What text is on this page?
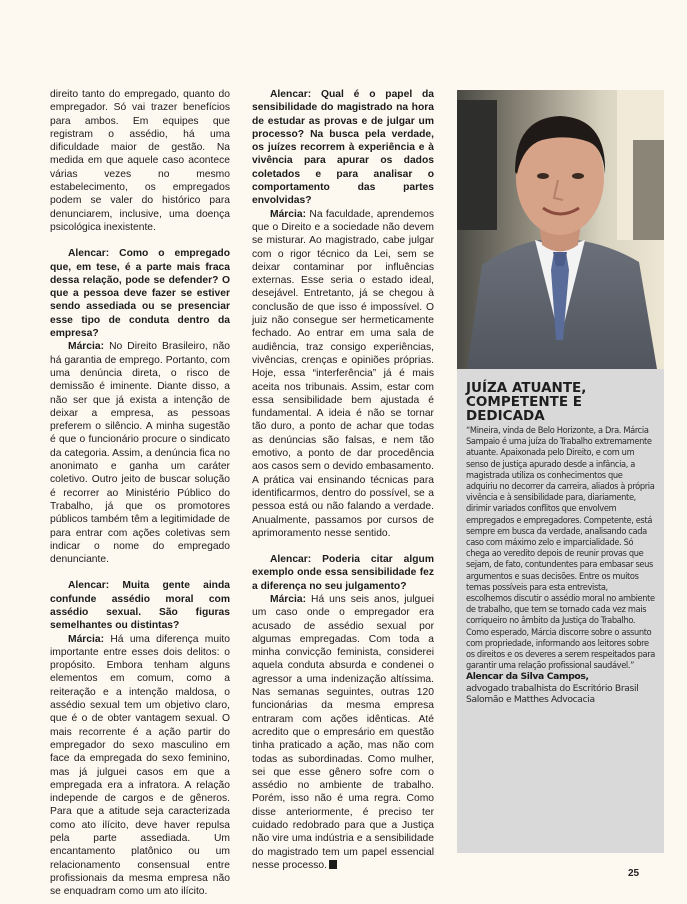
direito tanto do empregado, quanto do empregador. Só vai trazer benefícios para ambos. Em equipes que registram o assédio, há uma dificuldade maior de gestão. Na medida em que aquele caso acontece várias vezes no mesmo estabelecimento, os empregados podem se valer do histórico para denunciarem, inclusive, uma doença psicológica inexistente.

Alencar: Como o empregado que, em tese, é a parte mais fraca dessa relação, pode se defender? O que a pessoa deve fazer se estiver sendo assediada ou se presenciar esse tipo de conduta dentro da empresa?

Márcia: No Direito Brasileiro, não há garantia de emprego. Portanto, com uma denúncia direta, o risco de demissão é iminente. Diante disso, a não ser que já exista a intenção de deixar a empresa, as pessoas preferem o silêncio. A minha sugestão é que o funcionário procure o sindicato da categoria. Assim, a denúncia fica no anonimato e ganha um caráter coletivo. Outro jeito de buscar solução é recorrer ao Ministério Público do Trabalho, já que os promotores públicos também têm a legitimidade de para entrar com ações coletivas sem indicar o nome do empregado denunciante.

Alencar: Muita gente ainda confunde assédio moral com assédio sexual. São figuras semelhantes ou distintas?

Márcia: Há uma diferença muito importante entre esses dois delitos: o propósito. Embora tenham alguns elementos em comum, como a reiteração e a intenção maldosa, o assédio sexual tem um objetivo claro, que é o de obter vantagem sexual. O mais recorrente é a ação partir do empregador do sexo masculino em face da empregada do sexo feminino, mas já julguei casos em que a empregada era a infratora. A relação independe de cargos e de gêneros. Para que a atitude seja caracterizada como ato ilícito, deve haver repulsa pela parte assediada. Um encantamento platônico ou um relacionamento consensual entre profissionais da mesma empresa não se enquadram como um ato ilícito.

Alencar: Qual é o papel da sensibilidade do magistrado na hora de estudar as provas e de julgar um processo? Na busca pela verdade, os juízes recorrem à experiência e à vivência para apurar os dados coletados e para analisar o comportamento das partes envolvidas?

Márcia: Na faculdade, aprendemos que o Direito e a sociedade não devem se misturar. Ao magistrado, cabe julgar com o rigor técnico da Lei, sem se deixar contaminar por influências externas. Esse seria o estado ideal, desejável. Entretanto, já se chegou à conclusão de que isso é impossível. O juiz não consegue ser hermeticamente fechado. Ao entrar em uma sala de audiência, traz consigo experiências, vivências, crenças e opiniões próprias. Hoje, essa “interferência” já é mais aceita nos tribunais. Assim, estar com essa sensibilidade bem ajustada é fundamental. A ideia é não se tornar tão duro, a ponto de achar que todas as denúncias são falsas, e nem tão emotivo, a ponto de dar procedência aos casos sem o devido embasamento. A prática vai ensinando técnicas para identificarmos, dentro do possível, se a pessoa está ou não falando a verdade. Anualmente, passamos por cursos de aprimoramento nesse sentido.

Alencar: Poderia citar algum exemplo onde essa sensibilidade fez a diferença no seu julgamento?

Márcia: Há uns seis anos, julguei um caso onde o empregador era acusado de assédio sexual por algumas empregadas. Com toda a minha convicção feminista, considerei aquela conduta absurda e condenei o agressor a uma indenização altíssima. Nas semanas seguintes, outras 120 funcionárias da mesma empresa entraram com ações idênticas. Até acredito que o empresário em questão tinha praticado a ação, mas não com todas as subordinadas. Como mulher, sei que esse gênero sofre com o assédio no ambiente de trabalho. Porém, isso não é uma regra. Como disse anteriormente, é preciso ter cuidado redobrado para que a Justiça não vire uma indústria e a sensibilidade do magistrado tem um papel essencial nesse processo.

JUÍZA ATUANTE, COMPETENTE E DEDICADA

“Mineira, vinda de Belo Horizonte, a Dra. Márcia Sampaio é uma juíza do Trabalho extremamente atuante. Apaixonada pelo Direito, e com um senso de justiça apurado desde a infância, a magistrada utiliza os conhecimentos que adquiriu no decorrer da carreira, aliados à própria vivência e à sensibilidade para, diariamente, dirimir variados conflitos que envolvem empregados e empregadores. Competente, está sempre em busca da verdade, analisando cada caso com máximo zelo e imparcialidade. Só chega ao veredito depois de reunir provas que sejam, de fato, contundentes para embasar seus argumentos e suas decisões. Entre os muitos temas possíveis para esta entrevista, escolhemos discutir o assédio moral no ambiente de trabalho, que tem se tornado cada vez mais corriqueiro no âmbito da Justiça do Trabalho. Como esperado, Márcia discorre sobre o assunto com propriedade, informando aos leitores sobre os direitos e os deveres a serem respeitados para garantir uma relação profissional saudável.”

Alencar da Silva Campos,

advogado trabalhista do Escritório Brasil Salomão e Matthes Advocacia

25
